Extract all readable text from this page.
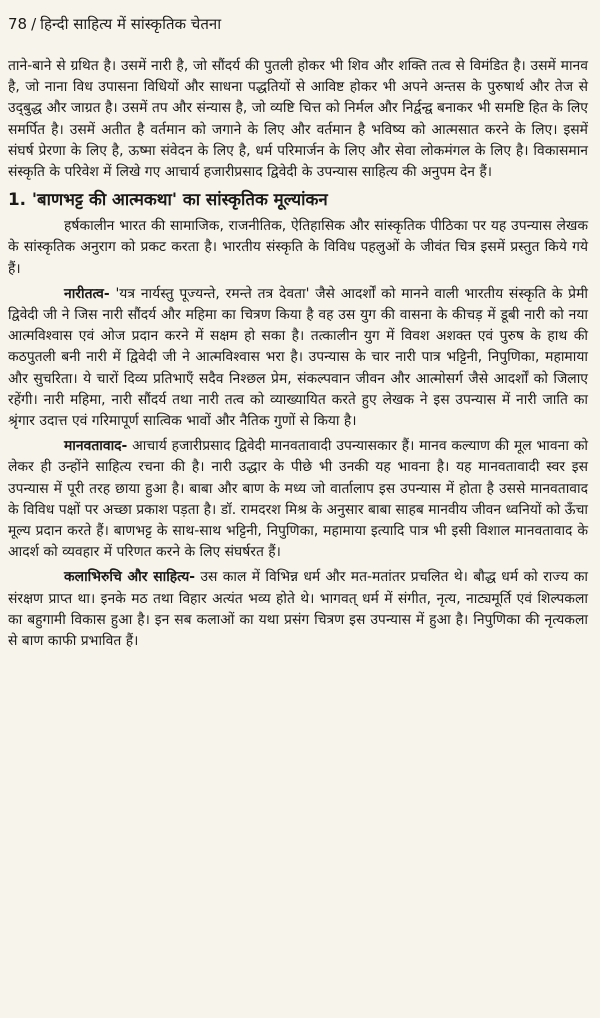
78 / हिन्दी साहित्य में सांस्कृतिक चेतना

ताने-बाने से ग्रथित है। उसमें नारी है, जो सौंदर्य की पुतली होकर भी शिव और शक्ति तत्व से विमंडित है। उसमें मानव है, जो नाना विध उपासना विधियों और साधना पद्धतियों से आविष्ट होकर भी अपने अन्तस के पुरुषार्थ और तेज से उद्‌बुद्ध और जाग्रत है। उसमें तप और संन्यास है, जो व्यष्टि चित्त को निर्मल और निर्द्वन्द्व बनाकर भी समष्टि हित के लिए समर्पित है। उसमें अतीत है वर्तमान को जगाने के लिए और वर्तमान है भविष्य को आत्मसात करने के लिए। इसमें संघर्ष प्रेरणा के लिए है, ऊष्मा संवेदन के लिए है, धर्म परिमार्जन के लिए और सेवा लोकमंगल के लिए है। विकासमान संस्कृति के परिवेश में लिखे गए आचार्य हजारीप्रसाद द्विवेदी के उपन्यास साहित्य की अनुपम देन हैं।

1. 'बाणभट्ट की आत्मकथा' का सांस्कृतिक मूल्यांकन

हर्षकालीन भारत की सामाजिक, राजनीतिक, ऐतिहासिक और सांस्कृतिक पीठिका पर यह उपन्यास लेखक के सांस्कृतिक अनुराग को प्रकट करता है। भारतीय संस्कृति के विविध पहलुओं के जीवंत चित्र इसमें प्रस्तुत किये गये हैं।

नारीतत्व- 'यत्र नार्यस्तु पूज्यन्ते, रमन्ते तत्र देवता' जैसे आदर्शों को मानने वाली भारतीय संस्कृति के प्रेमी द्विवेदी जी ने जिस नारी सौंदर्य और महिमा का चित्रण किया है वह उस युग की वासना के कीचड़ में डूबी नारी को नया आत्मविश्वास एवं ओज प्रदान करने में सक्षम हो सका है। तत्कालीन युग में विवश अशक्त एवं पुरुष के हाथ की कठपुतली बनी नारी में द्विवेदी जी ने आत्मविश्वास भरा है। उपन्यास के चार नारी पात्र भट्टिनी, निपुणिका, महामाया और सुचरिता। ये चारों दिव्य प्रतिभाएँ सदैव निश्छल प्रेम, संकल्पवान जीवन और आत्मोसर्ग जैसे आदर्शों को जिलाए रहेंगी। नारी महिमा, नारी सौंदर्य तथा नारी तत्व को व्याख्यायित करते हुए लेखक ने इस उपन्यास में नारी जाति का श्रृंगार उदात्त एवं गरिमापूर्ण सात्विक भावों और नैतिक गुणों से किया है।

मानवतावाद- आचार्य हजारीप्रसाद द्विवेदी मानवतावादी उपन्यासकार हैं। मानव कल्याण की मूल भावना को लेकर ही उन्होंने साहित्य रचना की है। नारी उद्धार के पीछे भी उनकी यह भावना है। यह मानवतावादी स्वर इस उपन्यास में पूरी तरह छाया हुआ है। बाबा और बाण के मध्य जो वार्तालाप इस उपन्यास में होता है उससे मानवतावाद के विविध पक्षों पर अच्छा प्रकाश पड़ता है। डॉ. रामदरश मिश्र के अनुसार बाबा साहब मानवीय जीवन ध्वनियों को ऊँचा मूल्य प्रदान करते हैं। बाणभट्ट के साथ-साथ भट्टिनी, निपुणिका, महामाया इत्यादि पात्र भी इसी विशाल मानवतावाद के आदर्श को व्यवहार में परिणत करने के लिए संघर्षरत हैं।

कलाभिरुचि और साहित्य- उस काल में विभिन्न धर्म और मत-मतांतर प्रचलित थे। बौद्ध धर्म को राज्य का संरक्षण प्राप्त था। इनके मठ तथा विहार अत्यंत भव्य होते थे। भागवत् धर्म में संगीत, नृत्य, नाट्यमूर्ति एवं शिल्पकला का बहुगामी विकास हुआ है। इन सब कलाओं का यथा प्रसंग चित्रण इस उपन्यास में हुआ है। निपुणिका की नृत्यकला से बाण काफी प्रभावित हैं।
